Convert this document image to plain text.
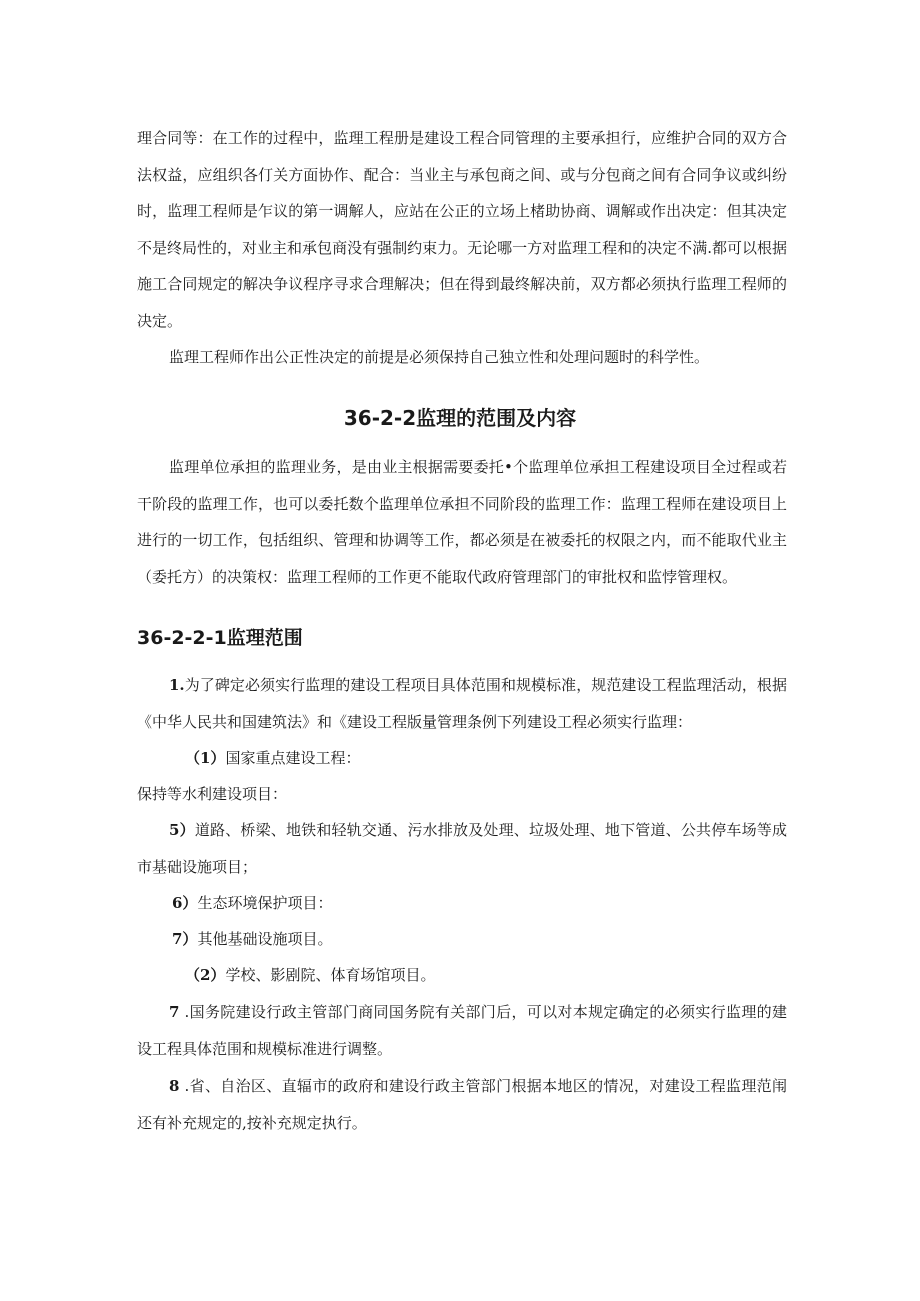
理合同等：在工作的过程中，监理工程册是建设工程合同管理的主要承担行，应维护合同的双方合法权益，应组织各仃关方面协作、配合：当业主与承包商之间、或与分包商之间有合同争议或纠纷时，监理工程师是乍议的第一调解人，应站在公正的立场上楮助协商、调解或作出决定：但其决定不是终局性的，对业主和承包商没有强制约束力。无论哪一方对监理工程和的决定不满.都可以根据施工合同规定的解决争议程序寻求合理解决；但在得到最终解决前，双方都必须执行监理工程师的决定。

监理工程师作出公正性决定的前提是必须保持自己独立性和处理问题时的科学性。

36-2-2监理的范围及内容

监理单位承担的监理业务，是由业主根据需要委托•个监理单位承担工程建设项目全过程或若干阶段的监理工作，也可以委托数个监理单位承担不同阶段的监理工作：监理工程师在建设项目上进行的一切工作，包括组织、管理和协调等工作，都必须是在被委托的权限之内，而不能取代业主（委托方）的决策权：监理工程师的工作更不能取代政府管理部门的审批权和监悖管理权。

36-2-2-1监理范围

1.为了碑定必须实行监理的建设工程项目具体范围和规模标准，规范建设工程监理活动，根据《中华人民共和国建筑法》和《建设工程版量管理条例下列建设工程必须实行监理：

（1）国家重点建设工程：

保持等水利建设项目：

5）道路、桥梁、地铁和轻轨交通、污水排放及处理、垃圾处理、地下管道、公共停车场等成市基础设施项目；

6）生态环境保护项目：

7）其他基础设施项目。

（2）学校、影剧院、体育场馆项目。

7 .国务院建设行政主管部门商同国务院有关部门后，可以对本规定确定的必须实行监理的建设工程具体范围和规模标准进行调整。

8 .省、自治区、直辐市的政府和建设行政主管部门根据本地区的情况，对建设工程监理范闱还有补充规定的,按补充规定执行。
